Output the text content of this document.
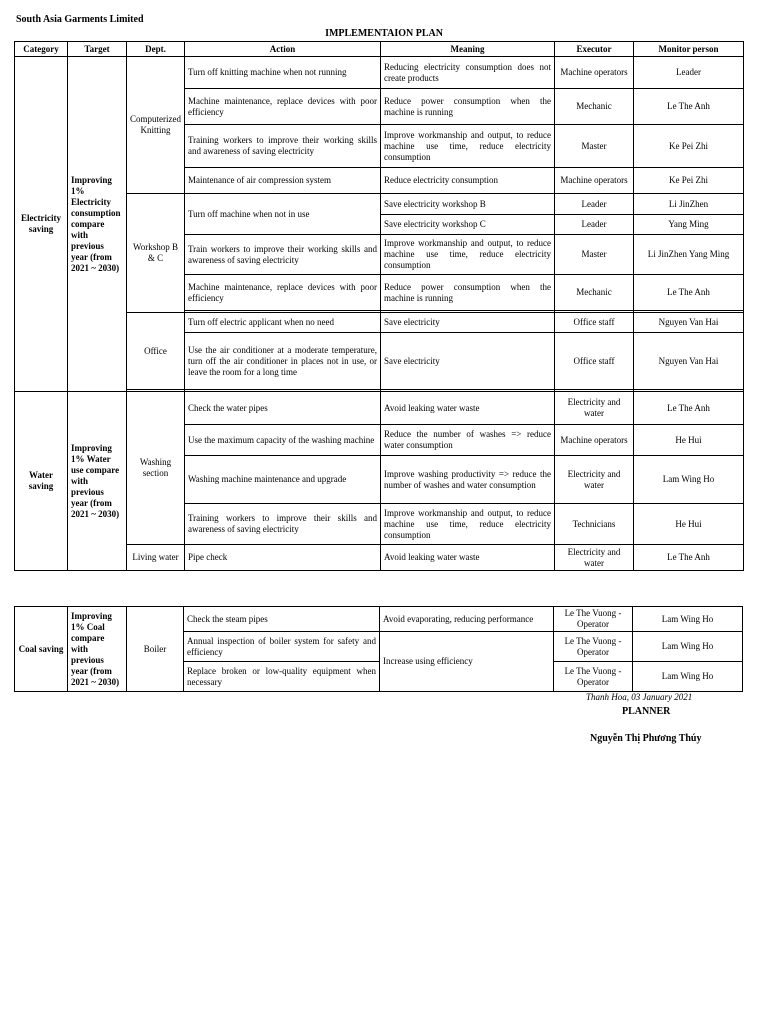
South Asia Garments Limited
IMPLEMENTAION PLAN
Category	Target	Dept.	Action	Meaning	Executor	Monitor person
Electricity saving	Improving 1% Electricity consumption compare with previous year (from 2021 ~ 2030)	Computerized Knitting	Turn off knitting machine when not running	Reducing electricity consumption does not create products	Machine operators	Leader
			Machine maintenance, replace devices with poor efficiency	Reduce power consumption when the machine is running	Mechanic	Le The Anh
			Training workers to improve their working skills and awareness of saving electricity	Improve workmanship and output, to reduce machine use time, reduce electricity consumption	Master	Ke Pei Zhi
			Maintenance of air compression system	Reduce electricity consumption	Machine operators	Ke Pei Zhi
		Workshop B & C	Turn off machine when not in use	Save electricity workshop B	Leader	Li JinZhen
				Save electricity workshop C	Leader	Yang Ming
			Train workers to improve their working skills and awareness of saving electricity	Improve workmanship and output, to reduce machine use time, reduce electricity consumption	Master	Li JinZhen Yang Ming
			Machine maintenance, replace devices with poor efficiency	Reduce power consumption when the machine is running	Mechanic	Le The Anh

		Office	Turn off electric applicant when no need	Save electricity	Office staff	Nguyen Van Hai
			Use the air conditioner at a moderate temperature, turn off the air conditioner in places not in use, or leave the room for a long time	Save electricity	Office staff	Nguyen Van Hai

Water saving	Improving 1% Water use compare with previous year (from 2021 ~ 2030)	Washing section	Check the water pipes	Avoid leaking water waste	Electricity and water	Le The Anh
			Use the maximum capacity of the washing machine	Reduce the number of washes => reduce water consumption	Machine operators	He Hui
			Washing machine maintenance and upgrade	Improve washing productivity => reduce the number of washes and water consumption	Electricity and water	Lam Wing Ho
			Training workers to improve their skills and awareness of saving electricity	Improve workmanship and output, to reduce machine use time, reduce electricity consumption	Technicians	He Hui
		Living water	Pipe check	Avoid leaking water waste	Electricity and water	Le The Anh
Coal saving	Improving 1% Coal compare with previous year (from 2021 ~ 2030)	Boiler	Check the steam pipes	Avoid evaporating, reducing performance	Le The Vuong - Operator	Lam Wing Ho
			Annual inspection of boiler system for safety and efficiency	Increase using efficiency	Le The Vuong - Operator	Lam Wing Ho
			Replace broken or low-quality equipment when necessary		Le The Vuong - Operator	Lam Wing Ho
Thanh Hoa, 03 January 2021
PLANNER
Nguyễn Thị Phương Thúy
